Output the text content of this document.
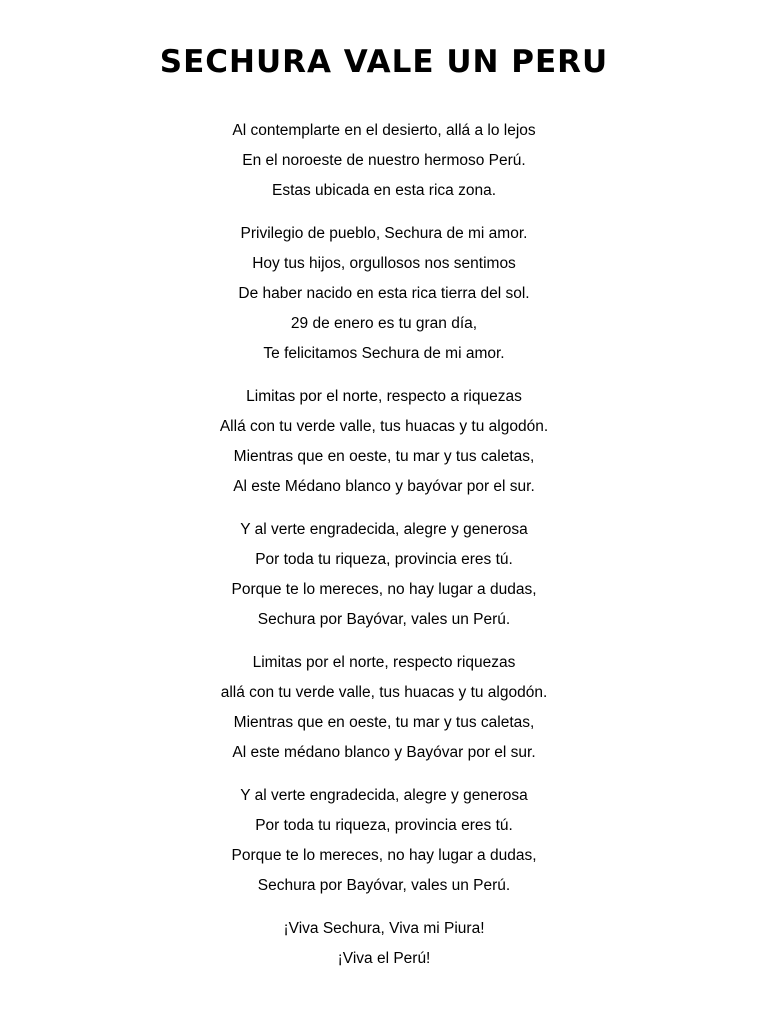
SECHURA VALE UN PERU
Al contemplarte en el desierto, allá a lo lejos
En el noroeste de nuestro hermoso Perú.
Estas ubicada en esta rica zona.
Privilegio de pueblo, Sechura de mi amor.
Hoy tus hijos, orgullosos nos sentimos
De haber nacido en esta rica tierra del sol.
29 de enero es tu gran día,
Te felicitamos Sechura de mi amor.
Limitas por el norte, respecto a riquezas
Allá con tu verde valle, tus huacas y tu algodón.
Mientras que en oeste, tu mar y tus caletas,
Al este Médano blanco y bayóvar por el sur.
Y al verte engradecida, alegre y generosa
Por toda tu riqueza, provincia eres tú.
Porque te lo mereces, no hay lugar a dudas,
Sechura por Bayóvar, vales un Perú.
Limitas por el norte, respecto riquezas
allá con tu verde valle, tus huacas y tu algodón.
Mientras que en oeste, tu mar y tus caletas,
Al este médano blanco y Bayóvar por el sur.
Y al verte engradecida, alegre y generosa
Por toda tu riqueza, provincia eres tú.
Porque te lo mereces, no hay lugar a dudas,
Sechura por Bayóvar, vales un Perú.
¡Viva Sechura, Viva mi Piura!
¡Viva el Perú!
